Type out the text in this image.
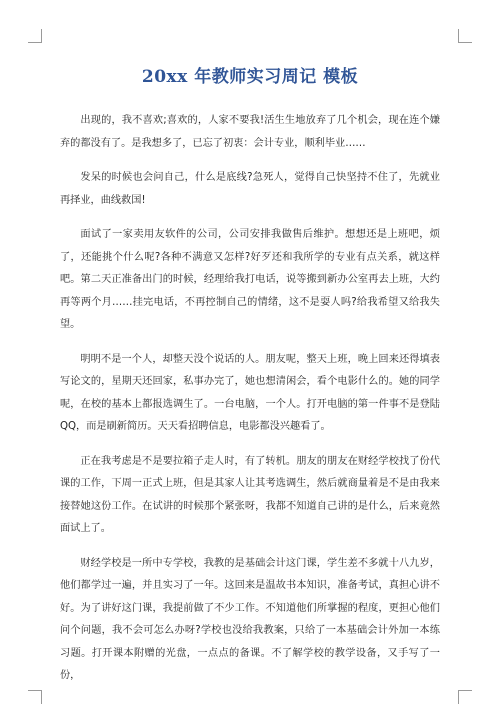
20xx 年教师实习周记 模板

出现的，我不喜欢;喜欢的，人家不要我!活生生地放弃了几个机会，现在连个嫌弃的都没有了。是我想多了，已忘了初衷：会计专业，顺利毕业……

发呆的时候也会问自己，什么是底线?急死人，觉得自己快坚持不住了，先就业再择业，曲线救国!

面试了一家卖用友软件的公司，公司安排我做售后维护。想想还是上班吧，烦了，还能挑个什么呢?各种不满意又怎样?好歹还和我所学的专业有点关系，就这样吧。第二天正准备出门的时候，经理给我打电话，说等搬到新办公室再去上班，大约再等两个月……挂完电话，不再控制自己的情绪，这不是耍人吗?给我希望又给我失望。

明明不是一个人，却整天没个说话的人。朋友呢，整天上班，晚上回来还得填表写论文的，星期天还回家，私事办完了，她也想清闲会，看个电影什么的。她的同学呢，在校的基本上都报选调生了。一台电脑，一个人。打开电脑的第一件事不是登陆QQ，而是刷新简历。天天看招聘信息，电影都没兴趣看了。

正在我考虑是不是要拉箱子走人时，有了转机。朋友的朋友在财经学校找了份代课的工作，下周一正式上班，但是其家人让其考选调生，然后就商量着是不是由我来接替她这份工作。在试讲的时候那个紧张呀，我都不知道自己讲的是什么，后来竟然面试上了。

财经学校是一所中专学校，我教的是基础会计这门课，学生差不多就十八九岁，他们都学过一遍，并且实习了一年。这回来是温故书本知识，准备考试，真担心讲不好。为了讲好这门课，我提前做了不少工作。不知道他们所掌握的程度，更担心他们问个问题，我不会可怎么办呀?学校也没给我教案，只给了一本基础会计外加一本练习题。打开课本附赠的光盘，一点点的备课。不了解学校的教学设备，又手写了一份，
